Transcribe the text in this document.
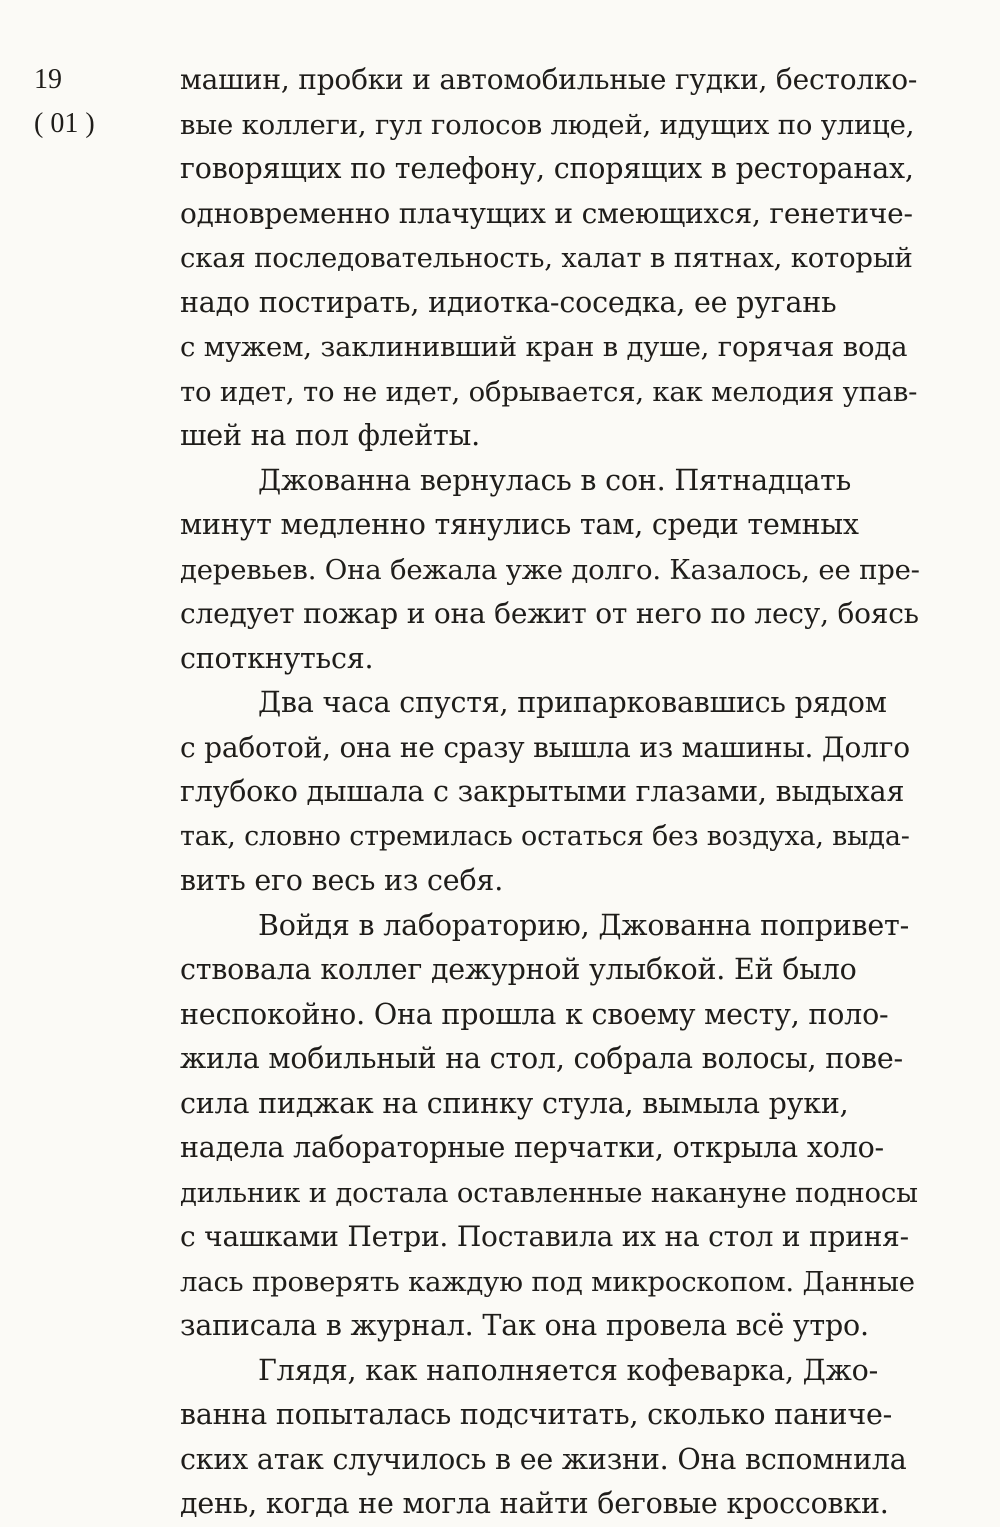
19
( 01 )
машин, пробки и автомобильные гудки, бестолко-
вые коллеги, гул голосов людей, идущих по улице,
говорящих по телефону, спорящих в ресторанах,
одновременно плачущих и смеющихся, генетиче-
ская последовательность, халат в пятнах, который
надо постирать, идиотка-соседка, ее ругань
с мужем, заклинивший кран в душе, горячая вода
то идет, то не идет, обрывается, как мелодия упав-
шей на пол флейты.
Джованна вернулась в сон. Пятнадцать
минут медленно тянулись там, среди темных
деревьев. Она бежала уже долго. Казалось, ее пре-
следует пожар и она бежит от него по лесу, боясь
споткнуться.
Два часа спустя, припарковавшись рядом
с работой, она не сразу вышла из машины. Долго
глубоко дышала с закрытыми глазами, выдыхая
так, словно стремилась остаться без воздуха, выда-
вить его весь из себя.
Войдя в лабораторию, Джованна попривет-
ствовала коллег дежурной улыбкой. Ей было
неспокойно. Она прошла к своему месту, поло-
жила мобильный на стол, собрала волосы, пове-
сила пиджак на спинку стула, вымыла руки,
надела лабораторные перчатки, открыла холо-
дильник и достала оставленные накануне подносы
с чашками Петри. Поставила их на стол и приня-
лась проверять каждую под микроскопом. Данные
записала в журнал. Так она провела всё утро.
Глядя, как наполняется кофеварка, Джо-
ванна попыталась подсчитать, сколько паниче-
ских атак случилось в ее жизни. Она вспомнила
день, когда не могла найти беговые кроссовки.
